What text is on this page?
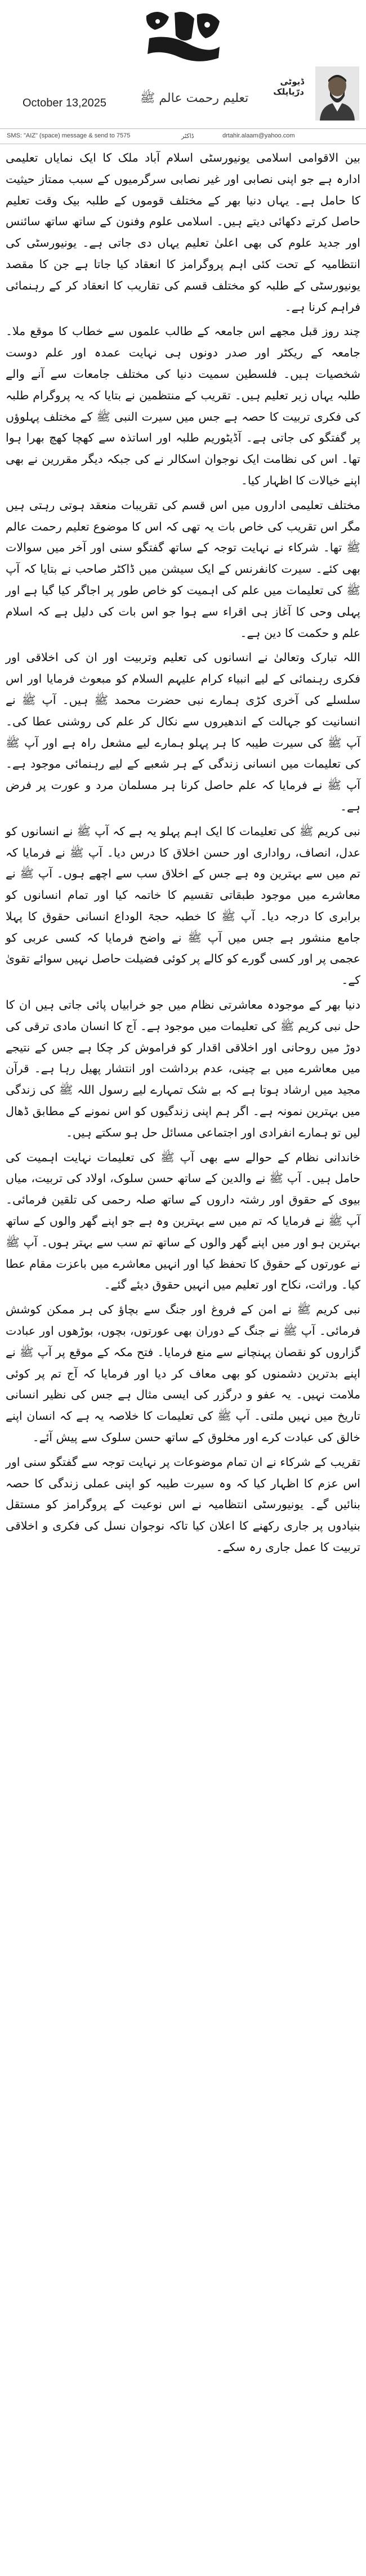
October 13,2025	تعلیم رحمت عالم ﷺ
ڈیوٹی
درّیاپلک
SMS: "AIZ" (space) message & send to 7575	ڈاکٹر	drtahir.alaam@yahoo.com

بین الاقوامی اسلامی یونیورسٹی اسلام آباد ملک کا ایک نمایاں تعلیمی ادارہ ہے جو اپنی نصابی اور غیر نصابی سرگرمیوں کے سبب ممتاز حیثیت کا حامل ہے۔ یہاں دنیا بھر کے مختلف قوموں کے طلبہ بیک وقت تعلیم حاصل کرتے دکھائی دیتے ہیں۔ اسلامی علوم وفنون کے ساتھ ساتھ سائنس اور جدید علوم کی بھی اعلیٰ تعلیم یہاں دی جاتی ہے۔ یونیورسٹی کی انتظامیہ کے تحت کئی اہم پروگرامز کا انعقاد کیا جاتا ہے جن کا مقصد یونیورسٹی کے طلبہ کو مختلف قسم کی تقاریب کا انعقاد کر کے رہنمائی فراہم کرنا ہے۔

چند روز قبل مجھے اس جامعہ کے طالب علموں سے خطاب کا موقع ملا۔ جامعہ کے ریکٹر اور صدر دونوں ہی نہایت عمدہ اور علم دوست شخصیات ہیں۔ فلسطین سمیت دنیا کی مختلف جامعات سے آنے والے طلبہ یہاں زیر تعلیم ہیں۔ تقریب کے منتظمین نے بتایا کہ یہ پروگرام طلبہ کی فکری تربیت کا حصہ ہے جس میں سیرت النبی ﷺ کے مختلف پہلوؤں پر گفتگو کی جاتی ہے۔ آڈیٹوریم طلبہ اور اساتذہ سے کھچا کھچ بھرا ہوا تھا۔ اس کی نظامت ایک نوجوان اسکالر نے کی جبکہ دیگر مقررین نے بھی اپنے خیالات کا اظہار کیا۔

مختلف تعلیمی اداروں میں اس قسم کی تقریبات منعقد ہوتی رہتی ہیں مگر اس تقریب کی خاص بات یہ تھی کہ اس کا موضوع تعلیم رحمت عالم ﷺ تھا۔ شرکاء نے نہایت توجہ کے ساتھ گفتگو سنی اور آخر میں سوالات بھی کئے۔ سیرت کانفرنس کے ایک سیشن میں ڈاکٹر صاحب نے بتایا کہ آپ ﷺ کی تعلیمات میں علم کی اہمیت کو خاص طور پر اجاگر کیا گیا ہے اور پہلی وحی کا آغاز ہی اقراء سے ہوا جو اس بات کی دلیل ہے کہ اسلام علم و حکمت کا دین ہے۔

اللہ تبارک وتعالیٰ نے انسانوں کی تعلیم وتربیت اور ان کی اخلاقی اور فکری رہنمائی کے لیے انبیاء کرام علیہم السلام کو مبعوث فرمایا اور اس سلسلے کی آخری کڑی ہمارے نبی حضرت محمد ﷺ ہیں۔ آپ ﷺ نے انسانیت کو جہالت کے اندھیروں سے نکال کر علم کی روشنی عطا کی۔ آپ ﷺ کی سیرت طیبہ کا ہر پہلو ہمارے لیے مشعل راہ ہے اور آپ ﷺ کی تعلیمات میں انسانی زندگی کے ہر شعبے کے لیے رہنمائی موجود ہے۔ آپ ﷺ نے فرمایا کہ علم حاصل کرنا ہر مسلمان مرد و عورت پر فرض ہے۔

نبی کریم ﷺ کی تعلیمات کا ایک اہم پہلو یہ ہے کہ آپ ﷺ نے انسانوں کو عدل، انصاف، رواداری اور حسن اخلاق کا درس دیا۔ آپ ﷺ نے فرمایا کہ تم میں سے بہترین وہ ہے جس کے اخلاق سب سے اچھے ہوں۔ آپ ﷺ نے معاشرے میں موجود طبقاتی تقسیم کا خاتمہ کیا اور تمام انسانوں کو برابری کا درجہ دیا۔ آپ ﷺ کا خطبہ حجۃ الوداع انسانی حقوق کا پہلا جامع منشور ہے جس میں آپ ﷺ نے واضح فرمایا کہ کسی عربی کو عجمی پر اور کسی گورے کو کالے پر کوئی فضیلت حاصل نہیں سوائے تقویٰ کے۔

دنیا بھر کے موجودہ معاشرتی نظام میں جو خرابیاں پائی جاتی ہیں ان کا حل نبی کریم ﷺ کی تعلیمات میں موجود ہے۔ آج کا انسان مادی ترقی کی دوڑ میں روحانی اور اخلاقی اقدار کو فراموش کر چکا ہے جس کے نتیجے میں معاشرے میں بے چینی، عدم برداشت اور انتشار پھیل رہا ہے۔ قرآن مجید میں ارشاد ہوتا ہے کہ بے شک تمہارے لیے رسول اللہ ﷺ کی زندگی میں بہترین نمونہ ہے۔ اگر ہم اپنی زندگیوں کو اس نمونے کے مطابق ڈھال لیں تو ہمارے انفرادی اور اجتماعی مسائل حل ہو سکتے ہیں۔

خاندانی نظام کے حوالے سے بھی آپ ﷺ کی تعلیمات نہایت اہمیت کی حامل ہیں۔ آپ ﷺ نے والدین کے ساتھ حسن سلوک، اولاد کی تربیت، میاں بیوی کے حقوق اور رشتہ داروں کے ساتھ صلہ رحمی کی تلقین فرمائی۔ آپ ﷺ نے فرمایا کہ تم میں سے بہترین وہ ہے جو اپنے گھر والوں کے ساتھ بہترین ہو اور میں اپنے گھر والوں کے ساتھ تم سب سے بہتر ہوں۔ آپ ﷺ نے عورتوں کے حقوق کا تحفظ کیا اور انہیں معاشرے میں باعزت مقام عطا کیا۔ وراثت، نکاح اور تعلیم میں انہیں حقوق دیئے گئے۔

نبی کریم ﷺ نے امن کے فروغ اور جنگ سے بچاؤ کی ہر ممکن کوشش فرمائی۔ آپ ﷺ نے جنگ کے دوران بھی عورتوں، بچوں، بوڑھوں اور عبادت گزاروں کو نقصان پہنچانے سے منع فرمایا۔ فتح مکہ کے موقع پر آپ ﷺ نے اپنے بدترین دشمنوں کو بھی معاف کر دیا اور فرمایا کہ آج تم پر کوئی ملامت نہیں۔ یہ عفو و درگزر کی ایسی مثال ہے جس کی نظیر انسانی تاریخ میں نہیں ملتی۔ آپ ﷺ کی تعلیمات کا خلاصہ یہ ہے کہ انسان اپنے خالق کی عبادت کرے اور مخلوق کے ساتھ حسن سلوک سے پیش آئے۔

تقریب کے شرکاء نے ان تمام موضوعات پر نہایت توجہ سے گفتگو سنی اور اس عزم کا اظہار کیا کہ وہ سیرت طیبہ کو اپنی عملی زندگی کا حصہ بنائیں گے۔ یونیورسٹی انتظامیہ نے اس نوعیت کے پروگرامز کو مستقل بنیادوں پر جاری رکھنے کا اعلان کیا تاکہ نوجوان نسل کی فکری و اخلاقی تربیت کا عمل جاری رہ سکے۔
